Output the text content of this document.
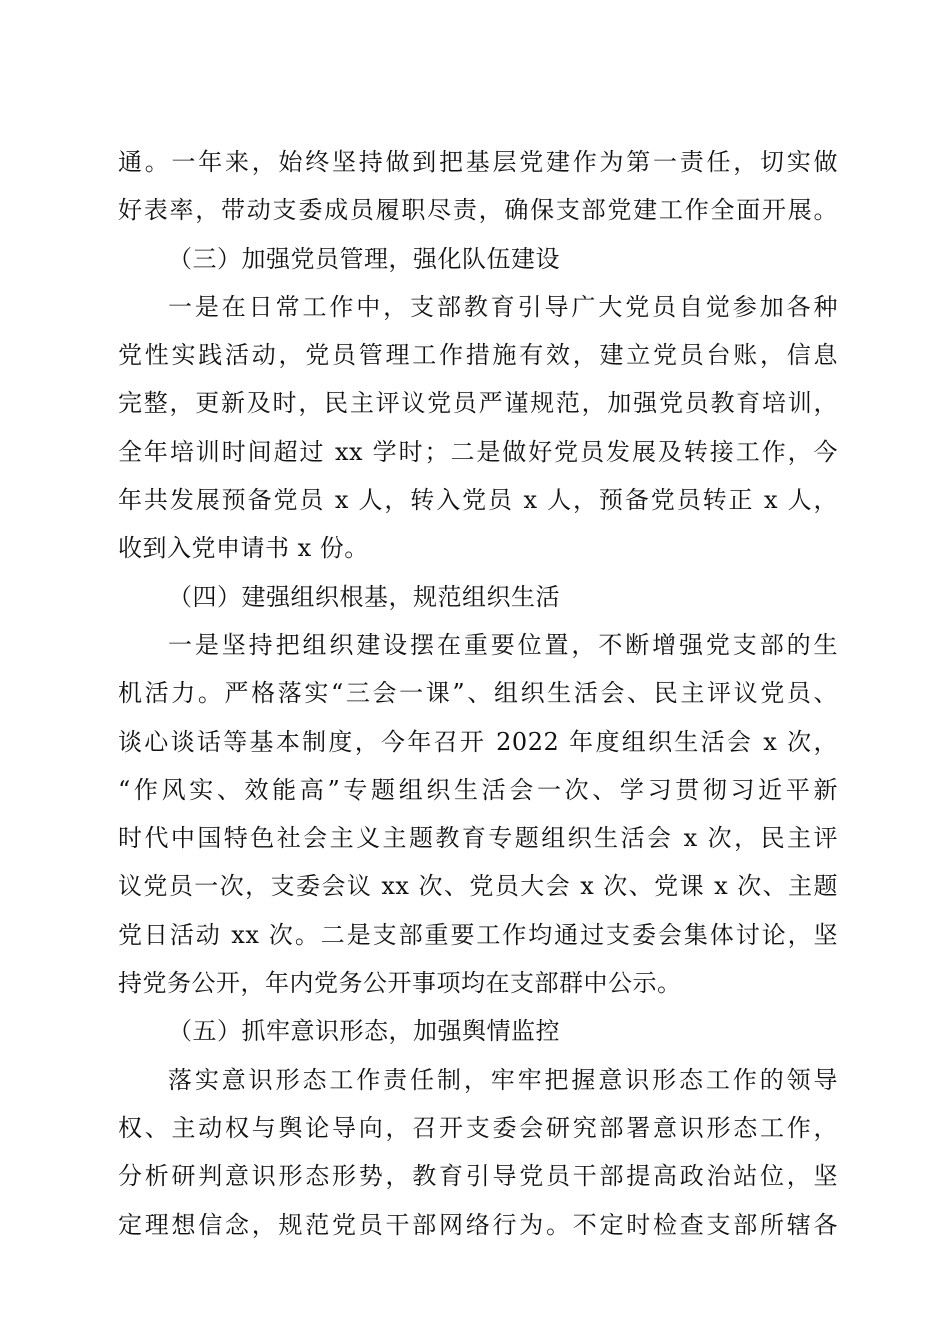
通。一年来，始终坚持做到把基层党建作为第一责任，切实做
好表率，带动支委成员履职尽责，确保支部党建工作全面开展。
（三）加强党员管理，强化队伍建设
一是在日常工作中，支部教育引导广大党员自觉参加各种
党性实践活动，党员管理工作措施有效，建立党员台账，信息
完整，更新及时，民主评议党员严谨规范，加强党员教育培训，
全年培训时间超过 xx 学时；二是做好党员发展及转接工作，今
年共发展预备党员 x 人，转入党员 x 人，预备党员转正 x 人，
收到入党申请书 x 份。
（四）建强组织根基，规范组织生活
一是坚持把组织建设摆在重要位置，不断增强党支部的生
机活力。严格落实“三会一课”、组织生活会、民主评议党员、
谈心谈话等基本制度，今年召开 2022 年度组织生活会 x 次，
“作风实、效能高”专题组织生活会一次、学习贯彻习近平新
时代中国特色社会主义主题教育专题组织生活会 x 次，民主评
议党员一次，支委会议 xx 次、党员大会 x 次、党课 x 次、主题
党日活动 xx 次。二是支部重要工作均通过支委会集体讨论，坚
持党务公开，年内党务公开事项均在支部群中公示。
（五）抓牢意识形态，加强舆情监控
落实意识形态工作责任制，牢牢把握意识形态工作的领导
权、主动权与舆论导向，召开支委会研究部署意识形态工作，
分析研判意识形态形势，教育引导党员干部提高政治站位，坚
定理想信念，规范党员干部网络行为。不定时检查支部所辖各
